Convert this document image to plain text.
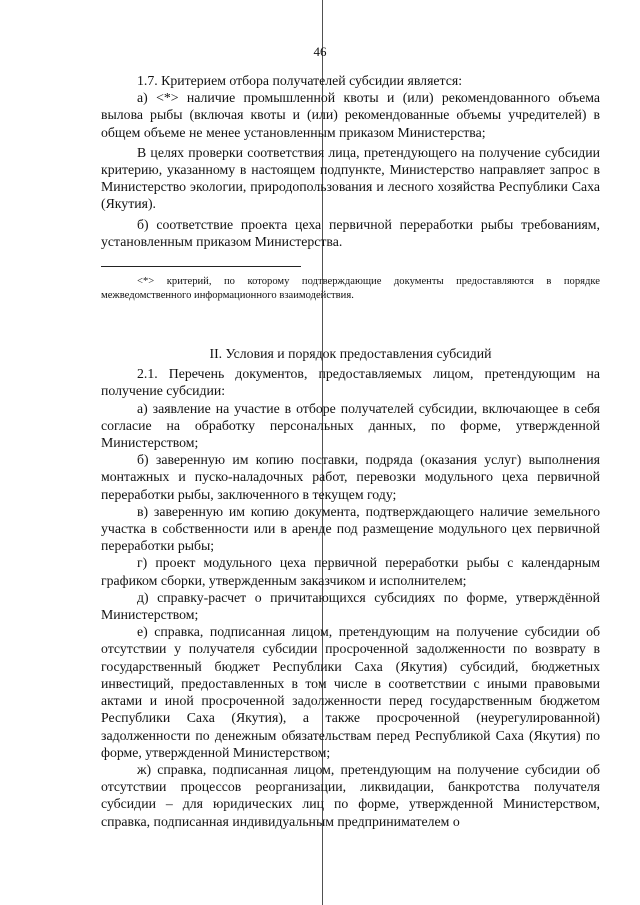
46

1.7. Критерием отбора получателей субсидии является:

а) <*> наличие промышленной квоты и (или) рекомендованного объема вылова рыбы (включая квоты и (или) рекомендованные объемы учредителей) в общем объеме не менее установленным приказом Министерства;

В целях проверки соответствия лица, претендующего на получение субсидии критерию, указанному в настоящем подпункте, Министерство направляет запрос в Министерство экологии, природопользования и лесного хозяйства Республики Саха (Якутия).

б) соответствие проекта цеха первичной переработки рыбы требованиям, установленным приказом Министерства.

<*> критерий, по которому подтверждающие документы предоставляются в порядке межведомственного информационного взаимодействия.

II. Условия и порядок предоставления субсидий

2.1. Перечень документов, предоставляемых лицом, претендующим на получение субсидии:

а) заявление на участие в отборе получателей субсидии, включающее в себя согласие на обработку персональных данных, по форме, утвержденной Министерством;

б) заверенную им копию поставки, подряда (оказания услуг) выполнения монтажных и пуско-наладочных работ, перевозки модульного цеха первичной переработки рыбы, заключенного в текущем году;

в) заверенную им копию документа, подтверждающего наличие земельного участка в собственности или в аренде под размещение модульного цех первичной переработки рыбы;

г) проект модульного цеха первичной переработки рыбы с календарным графиком сборки, утвержденным заказчиком и исполнителем;

д) справку-расчет о причитающихся субсидиях по форме, утверждённой Министерством;

е) справка, подписанная лицом, претендующим на получение субсидии об отсутствии у получателя субсидии просроченной задолженности по возврату в государственный бюджет Республики Саха (Якутия) субсидий, бюджетных инвестиций, предоставленных в том числе в соответствии с иными правовыми актами и иной просроченной задолженности перед государственным бюджетом Республики Саха (Якутия), а также просроченной (неурегулированной) задолженности по денежным обязательствам перед Республикой Саха (Якутия) по форме, утвержденной Министерством;

ж) справка, подписанная лицом, претендующим на получение субсидии об отсутствии процессов реорганизации, ликвидации, банкротства получателя субсидии – для юридических лиц по форме, утвержденной Министерством, справка, подписанная индивидуальным предпринимателем о
